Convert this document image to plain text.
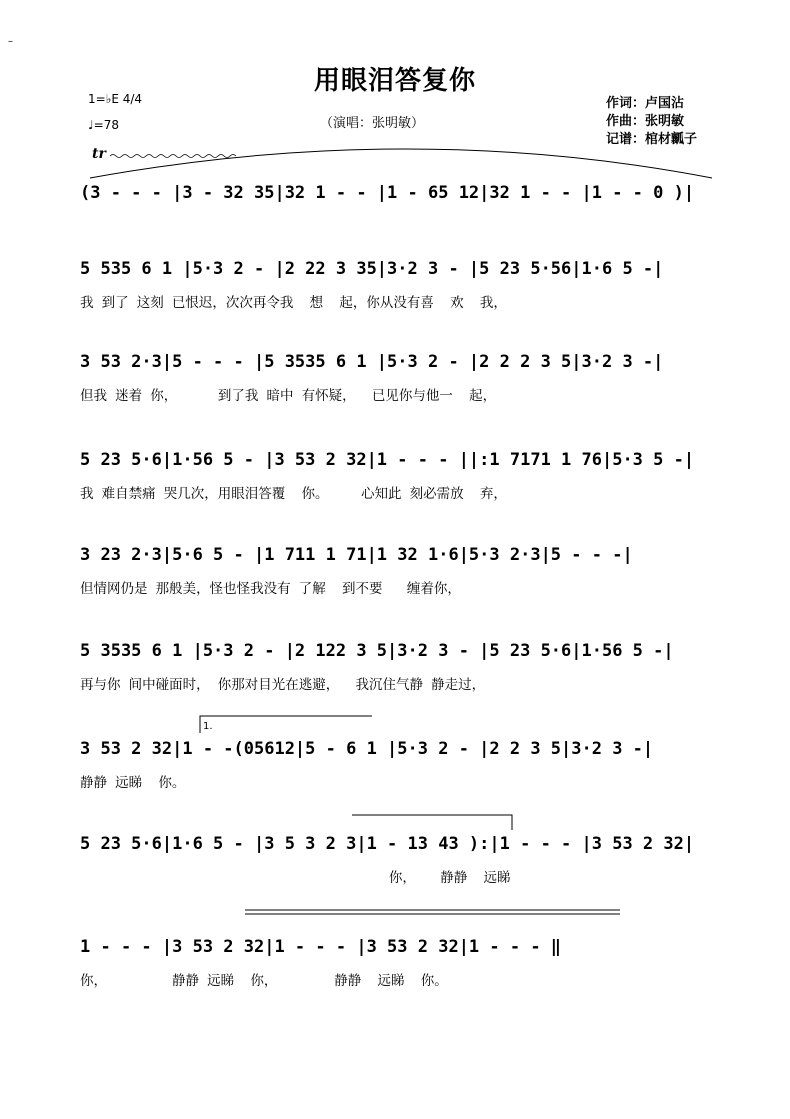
–
用眼泪答复你
（演唱：张明敏）
作词：卢国沾
作曲：张明敏
记谱：棺材瓤子
1=♭E 4/4
♩=78
tr
1.
(3 - - - |3 - 32 35|32 1 - - |1 - 65 12|32 1 - - |1 - - 0 )|
5 535 6 1 |5·3 2 - |2 22 3 35|3·2 3 - |5 23 5·56|1·6 5 -|
我 到了 这刻 已恨迟，次次再令我  想  起，你从没有喜  欢  我，
3 53 2·3|5 - - - |5 3535 6 1 |5·3 2 - |2 2 2 3 5|3·2 3 -|
但我 迷着 你，     到了我 暗中 有怀疑，  已见你与他一  起，
5 23 5·6|1·56 5 - |3 53 2 32|1 - - - ||:1 7171 1 76|5·3 5 -|
我 难自禁痛 哭几次，用眼泪答覆  你。    心知此 刻必需放  弃，
3 23 2·3|5·6 5 - |1 711 1 71|1 32 1·6|5·3 2·3|5 - - -|
但情网仍是 那般美，怪也怪我没有 了解  到不要   缠着你，
5 3535 6 1 |5·3 2 - |2 122 3 5|3·2 3 - |5 23 5·6|1·56 5 -|
再与你 间中碰面时， 你那对目光在逃避，  我沉住气静 静走过，
3 53 2 32|1 - -(05612|5 - 6 1 |5·3 2 - |2 2 3 5|3·2 3 -|
静静 远睇  你。
5 23 5·6|1·6 5 - |3 5 3 2 3|1 - 13 43 ):|1 - - - |3 53 2 32|
你，   静静  远睇
1 - - - |3 53 2 32|1 - - - |3 53 2 32|1 - - - ‖
你，        静静 远睇  你，       静静  远睇  你。
